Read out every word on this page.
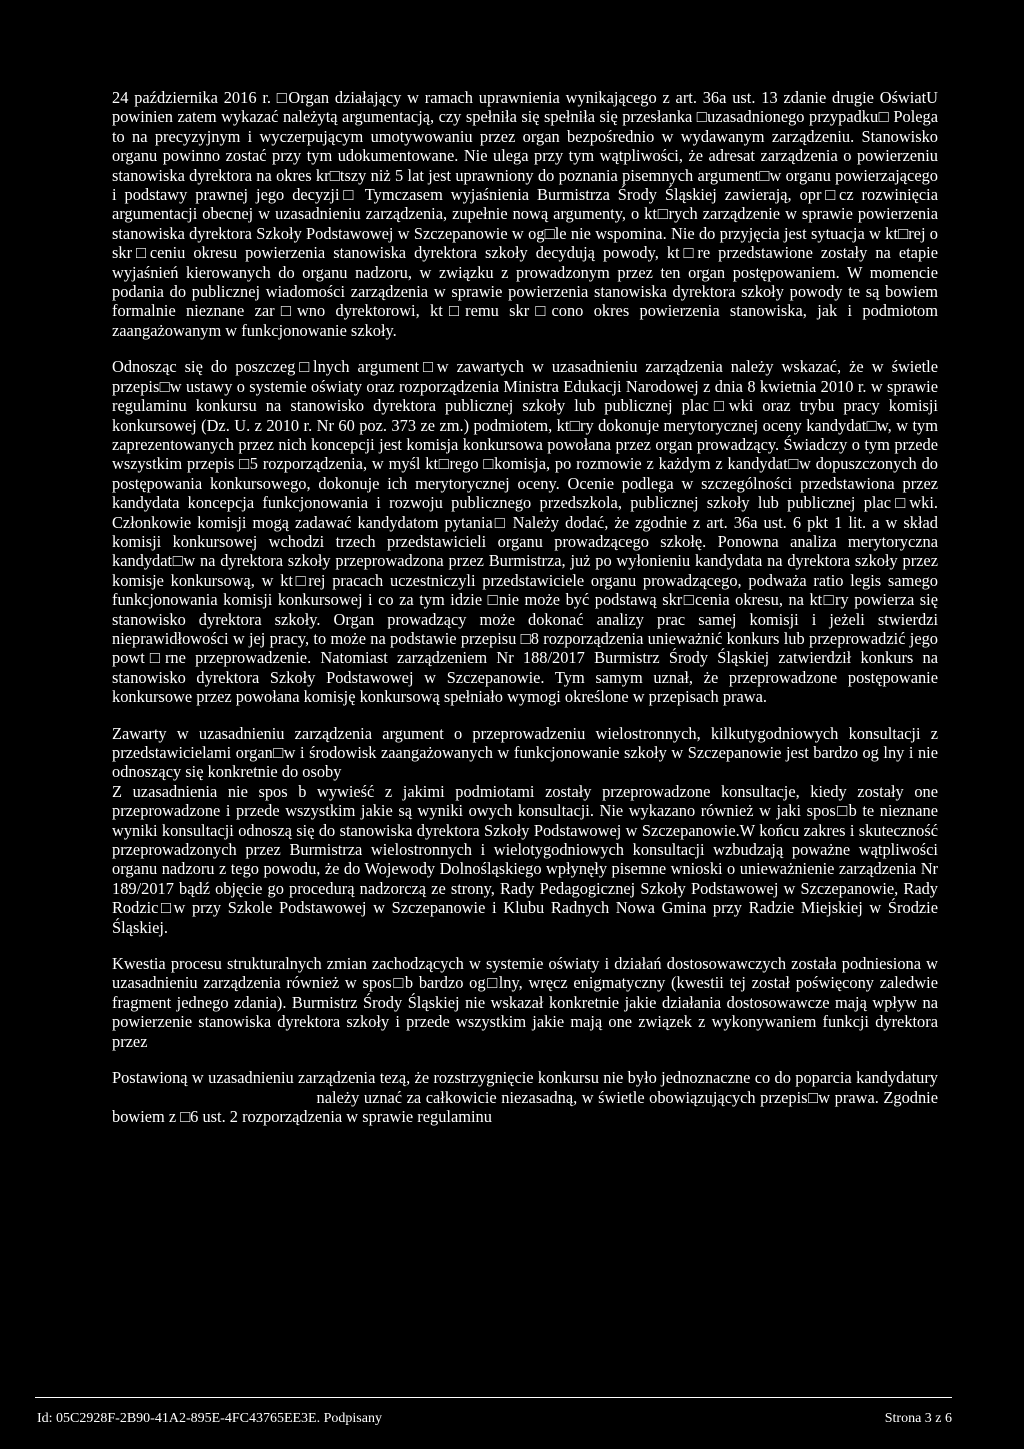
24 października 2016 r. □Organ działający w ramach uprawnienia wynikającego z art. 36a ust. 13 zdanie drugie OświatU powinien zatem wykazać należytą argumentacją, czy spełniła się spełniła się przesłanka □uzasadnionego przypadku□ Polega to na precyzyjnym i wyczerpującym umotywowaniu przez organ bezpośrednio w wydawanym zarządzeniu. Stanowisko organu powinno zostać przy tym udokumentowane. Nie ulega przy tym wątpliwości, że adresat zarządzenia o powierzeniu stanowiska dyrektora na okres kr□tszy niż 5 lat jest uprawniony do poznania pisemnych argument□w organu powierzającego i podstawy prawnej jego decyzji□ Tymczasem wyjaśnienia Burmistrza Środy Śląskiej zawierają, opr□cz rozwinięcia argumentacji obecnej w uzasadnieniu zarządzenia, zupełnie nową argumenty, o kt□rych zarządzenie w sprawie powierzenia stanowiska dyrektora Szkoły Podstawowej w Szczepanowie w og□le nie wspomina. Nie do przyjęcia jest sytuacja w kt□rej o skr□ceniu okresu powierzenia stanowiska dyrektora szkoły decydują powody, kt□re przedstawione zostały na etapie wyjaśnień kierowanych do organu nadzoru, w związku z prowadzonym przez ten organ postępowaniem. W momencie podania do publicznej wiadomości zarządzenia w sprawie powierzenia stanowiska dyrektora szkoły powody te są bowiem formalnie nieznane zar□wno dyrektorowi, kt□remu skr□cono okres powierzenia stanowiska, jak i podmiotom zaangażowanym w funkcjonowanie szkoły.

Odnosząc się do poszczeg□lnych argument□w zawartych w uzasadnieniu zarządzenia należy wskazać, że w świetle przepis□w ustawy o systemie oświaty oraz rozporządzenia Ministra Edukacji Narodowej z dnia 8 kwietnia 2010 r. w sprawie regulaminu konkursu na stanowisko dyrektora publicznej szkoły lub publicznej plac□wki oraz trybu pracy komisji konkursowej (Dz. U. z 2010 r. Nr 60 poz. 373 ze zm.) podmiotem, kt□ry dokonuje merytorycznej oceny kandydat□w, w tym zaprezentowanych przez nich koncepcji jest komisja konkursowa powołana przez organ prowadzący. Świadczy o tym przede wszystkim przepis □5 rozporządzenia, w myśl kt□rego □komisja, po rozmowie z każdym z kandydat□w dopuszczonych do postępowania konkursowego, dokonuje ich merytorycznej oceny. Ocenie podlega w szczególności przedstawiona przez kandydata koncepcja funkcjonowania i rozwoju publicznego przedszkola, publicznej szkoły lub publicznej plac□wki. Członkowie komisji mogą zadawać kandydatom pytania□ Należy dodać, że zgodnie z art. 36a ust. 6 pkt 1 lit. a w skład komisji konkursowej wchodzi trzech przedstawicieli organu prowadzącego szkołę. Ponowna analiza merytoryczna kandydat□w na dyrektora szkoły przeprowadzona przez Burmistrza, już po wyłonieniu kandydata na dyrektora szkoły przez komisje konkursową, w kt□rej pracach uczestniczyli przedstawiciele organu prowadzącego, podważa ratio legis samego funkcjonowania komisji konkursowej i co za tym idzie □nie może być podstawą skr□cenia okresu, na kt□ry powierza się stanowisko dyrektora szkoły. Organ prowadzący może dokonać analizy prac samej komisji i jeżeli stwierdzi nieprawidłowości w jej pracy, to może na podstawie przepisu □8 rozporządzenia unieważnić konkurs lub przeprowadzić jego powt□rne przeprowadzenie. Natomiast zarządzeniem Nr 188/2017 Burmistrz Środy Śląskiej zatwierdził konkurs na stanowisko dyrektora Szkoły Podstawowej w Szczepanowie. Tym samym uznał, że przeprowadzone postępowanie konkursowe przez powołana komisję konkursową spełniało wymogi określone w przepisach prawa.

Zawarty w uzasadnieniu zarządzenia argument o przeprowadzeniu wielostronnych, kilkutygodniowych konsultacji z przedstawicielami organ□w i środowisk zaangażowanych w funkcjonowanie szkoły w Szczepanowie jest bardzo og lny i nie odnoszący się konkretnie do osoby

Z uzasadnienia nie spos b wywieść z jakimi podmiotami zostały przeprowadzone konsultacje, kiedy zostały one przeprowadzone i przede wszystkim jakie są wyniki owych konsultacji. Nie wykazano również w jaki spos□b te nieznane wyniki konsultacji odnoszą się do stanowiska dyrektora Szkoły Podstawowej w Szczepanowie.W końcu zakres i skuteczność przeprowadzonych przez Burmistrza wielostronnych i wielotygodniowych konsultacji wzbudzają poważne wątpliwości organu nadzoru z tego powodu, że do Wojewody Dolnośląskiego wpłynęły pisemne wnioski o unieważnienie zarządzenia Nr 189/2017 bądź objęcie go procedurą nadzorczą ze strony, Rady Pedagogicznej Szkoły Podstawowej w Szczepanowie, Rady Rodzic□w przy Szkole Podstawowej w Szczepanowie i Klubu Radnych Nowa Gmina przy Radzie Miejskiej w Środzie Śląskiej.

Kwestia procesu strukturalnych zmian zachodzących w systemie oświaty i działań dostosowawczych została podniesiona w uzasadnieniu zarządzenia również w spos□b bardzo og□lny, wręcz enigmatyczny (kwestii tej został poświęcony zaledwie fragment jednego zdania). Burmistrz Środy Śląskiej nie wskazał konkretnie jakie działania dostosowawcze mają wpływ na powierzenie stanowiska dyrektora szkoły i przede wszystkim jakie mają one związek z wykonywaniem funkcji dyrektora przez

Postawioną w uzasadnieniu zarządzenia tezą, że rozstrzygnięcie konkursu nie było jednoznaczne co do poparcia kandydatury  należy uznać za całkowicie niezasadną, w świetle obowiązujących przepis□w prawa. Zgodnie bowiem z □6 ust. 2 rozporządzenia w sprawie regulaminu

Id: 05C2928F-2B90-41A2-895E-4FC43765EE3E. Podpisany	Strona 3 z 6
